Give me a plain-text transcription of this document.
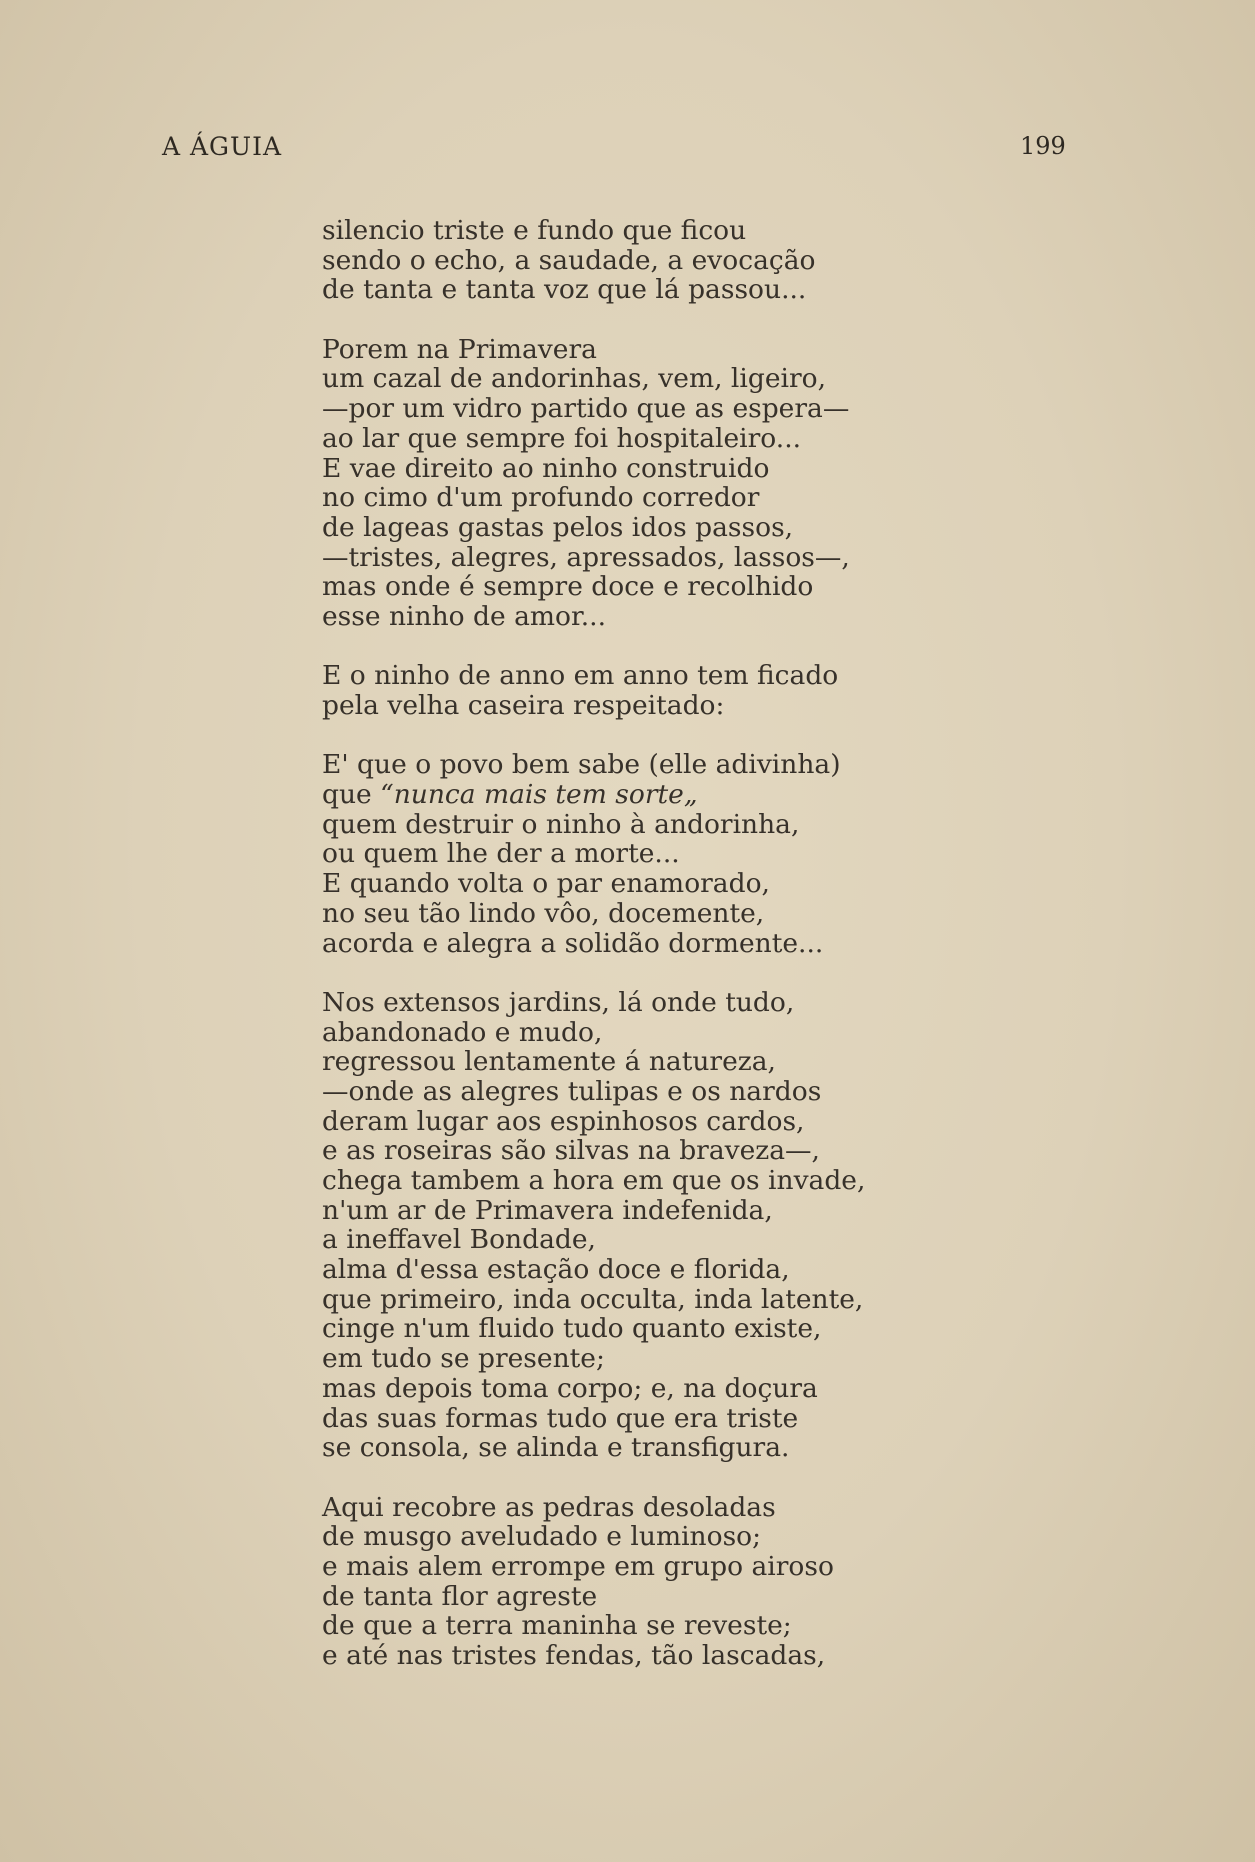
A ÁGUIA	199
silencio triste e fundo que ficou
sendo o echo, a saudade, a evocação
de tanta e tanta voz que lá passou...
Porem na Primavera
um cazal de andorinhas, vem, ligeiro,
—por um vidro partido que as espera—
ao lar que sempre foi hospitaleiro...
E vae direito ao ninho construido
no cimo d'um profundo corredor
de lageas gastas pelos idos passos,
—tristes, alegres, apressados, lassos—,
mas onde é sempre doce e recolhido
esse ninho de amor...
E o ninho de anno em anno tem ficado
pela velha caseira respeitado:
E' que o povo bem sabe (elle adivinha)
que “nunca mais tem sorte„
quem destruir o ninho à andorinha,
ou quem lhe der a morte...
E quando volta o par enamorado,
no seu tão lindo vôo, docemente,
acorda e alegra a solidão dormente...
Nos extensos jardins, lá onde tudo,
abandonado e mudo,
regressou lentamente á natureza,
—onde as alegres tulipas e os nardos
deram lugar aos espinhosos cardos,
e as roseiras são silvas na braveza—,
chega tambem a hora em que os invade,
n'um ar de Primavera indefenida,
a ineffavel Bondade,
alma d'essa estação doce e florida,
que primeiro, inda occulta, inda latente,
cinge n'um fluido tudo quanto existe,
em tudo se presente;
mas depois toma corpo; e, na doçura
das suas formas tudo que era triste
se consola, se alinda e transfigura.
Aqui recobre as pedras desoladas
de musgo aveludado e luminoso;
e mais alem errompe em grupo airoso
de tanta flor agreste
de que a terra maninha se reveste;
e até nas tristes fendas, tão lascadas,
